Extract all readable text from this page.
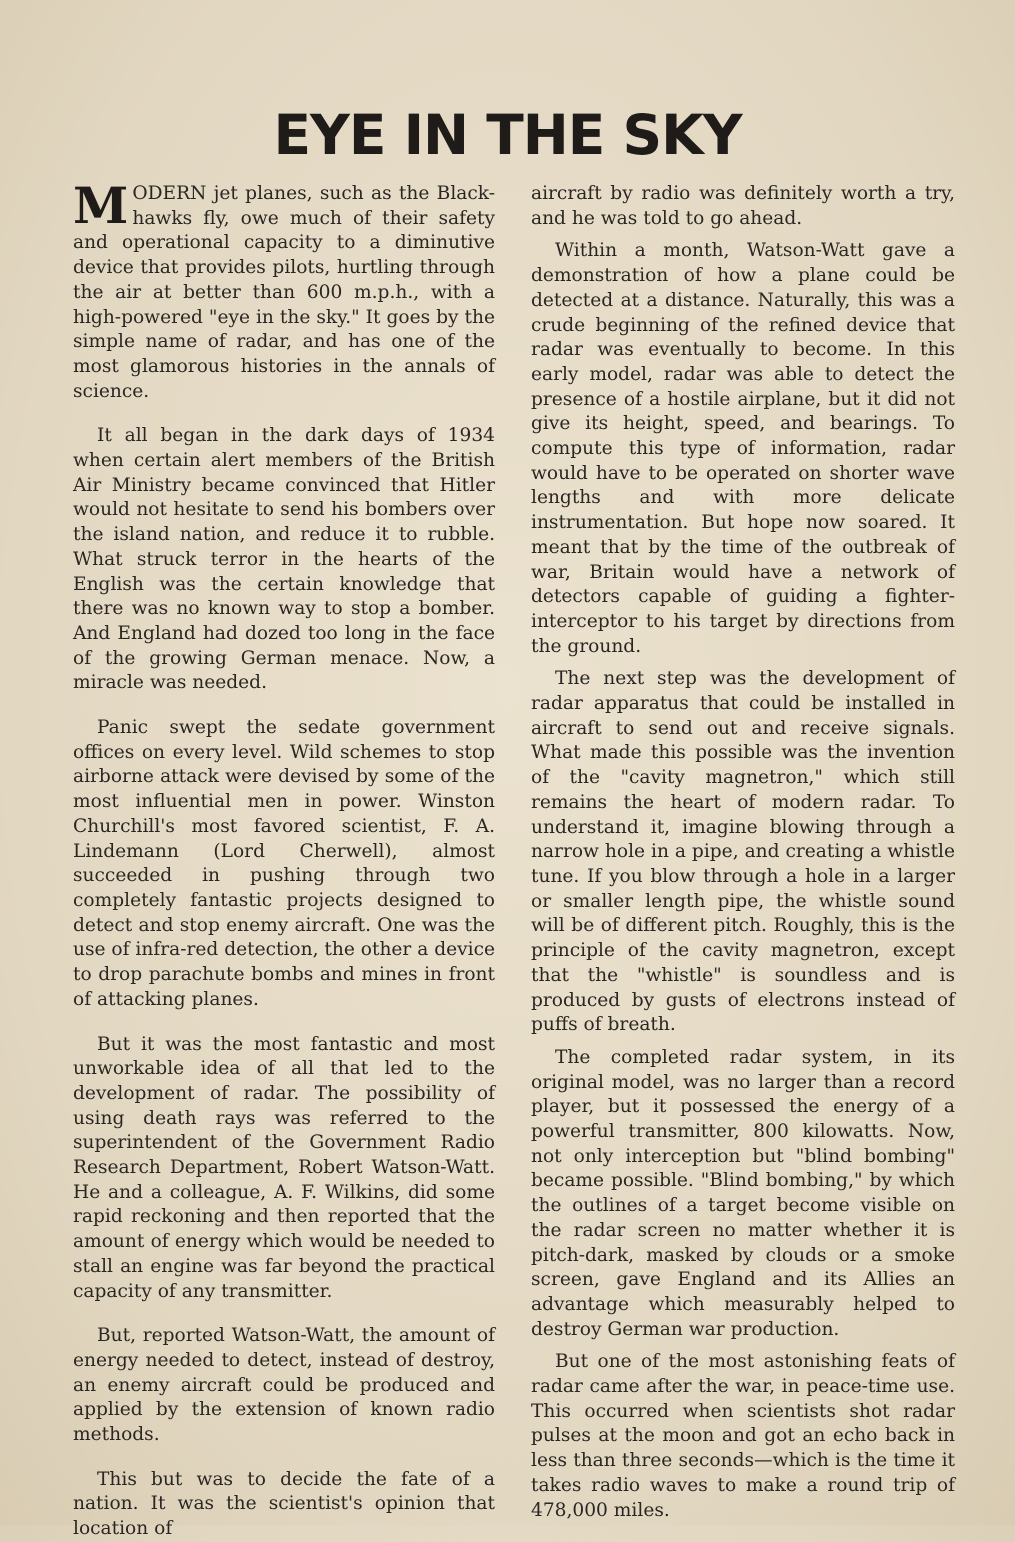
EYE IN THE SKY

MODERN jet planes, such as the Black-hawks fly, owe much of their safety and operational capacity to a diminutive device that provides pilots, hurtling through the air at better than 600 m.p.h., with a high-powered "eye in the sky." It goes by the simple name of radar, and has one of the most glamorous histories in the annals of science.

It all began in the dark days of 1934 when certain alert members of the British Air Ministry became convinced that Hitler would not hesitate to send his bombers over the island nation, and reduce it to rubble. What struck terror in the hearts of the English was the certain knowledge that there was no known way to stop a bomber. And England had dozed too long in the face of the growing German menace. Now, a miracle was needed.

Panic swept the sedate government offices on every level. Wild schemes to stop airborne attack were devised by some of the most influential men in power. Winston Churchill's most favored scientist, F. A. Lindemann (Lord Cherwell), almost succeeded in pushing through two completely fantastic projects designed to detect and stop enemy aircraft. One was the use of infra-red detection, the other a device to drop parachute bombs and mines in front of attacking planes.

But it was the most fantastic and most unworkable idea of all that led to the development of radar. The possibility of using death rays was referred to the superintendent of the Government Radio Research Department, Robert Watson-Watt. He and a colleague, A. F. Wilkins, did some rapid reckoning and then reported that the amount of energy which would be needed to stall an engine was far beyond the practical capacity of any transmitter.

But, reported Watson-Watt, the amount of energy needed to detect, instead of destroy, an enemy aircraft could be produced and applied by the extension of known radio methods.

This but was to decide the fate of a nation. It was the scientist's opinion that location of

aircraft by radio was definitely worth a try, and he was told to go ahead.

Within a month, Watson-Watt gave a demonstration of how a plane could be detected at a distance. Naturally, this was a crude beginning of the refined device that radar was eventually to become. In this early model, radar was able to detect the presence of a hostile airplane, but it did not give its height, speed, and bearings. To compute this type of information, radar would have to be operated on shorter wave lengths and with more delicate instrumentation. But hope now soared. It meant that by the time of the outbreak of war, Britain would have a network of detectors capable of guiding a fighter-interceptor to his target by directions from the ground.

The next step was the development of radar apparatus that could be installed in aircraft to send out and receive signals. What made this possible was the invention of the "cavity magnetron," which still remains the heart of modern radar. To understand it, imagine blowing through a narrow hole in a pipe, and creating a whistle tune. If you blow through a hole in a larger or smaller length pipe, the whistle sound will be of different pitch. Roughly, this is the principle of the cavity magnetron, except that the "whistle" is soundless and is produced by gusts of electrons instead of puffs of breath.

The completed radar system, in its original model, was no larger than a record player, but it possessed the energy of a powerful transmitter, 800 kilowatts. Now, not only interception but "blind bombing" became possible. "Blind bombing," by which the outlines of a target become visible on the radar screen no matter whether it is pitch-dark, masked by clouds or a smoke screen, gave England and its Allies an advantage which measurably helped to destroy German war production.

But one of the most astonishing feats of radar came after the war, in peace-time use. This occurred when scientists shot radar pulses at the moon and got an echo back in less than three seconds—which is the time it takes radio waves to make a round trip of 478,000 miles.
